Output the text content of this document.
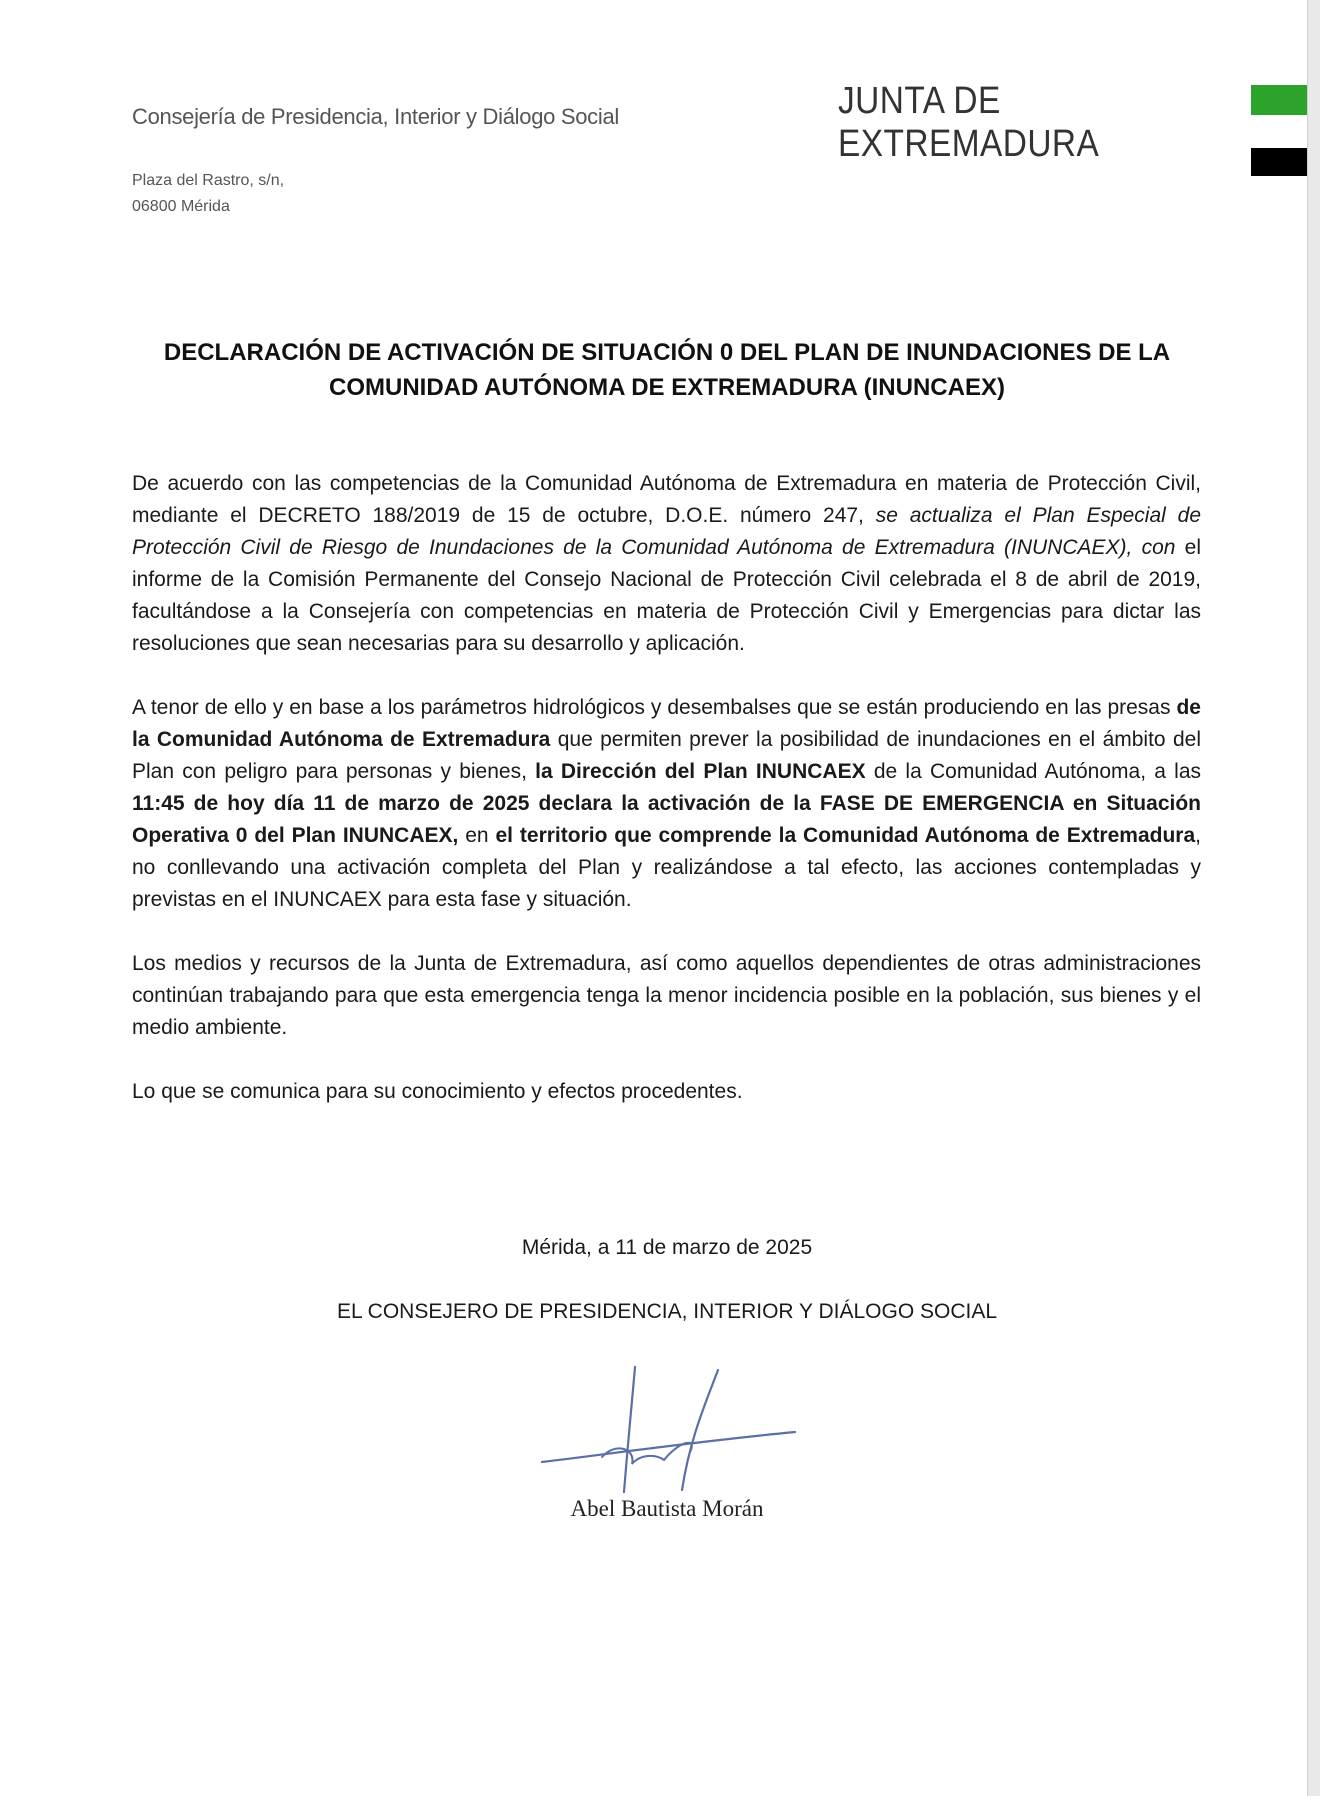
Consejería de Presidencia, Interior y Diálogo Social	JUNTA DE EXTREMADURA
Plaza del Rastro, s/n,
06800 Mérida
DECLARACIÓN DE ACTIVACIÓN DE SITUACIÓN 0 DEL PLAN DE INUNDACIONES DE LA
COMUNIDAD AUTÓNOMA DE EXTREMADURA (INUNCAEX)

De acuerdo con las competencias de la Comunidad Autónoma de Extremadura en materia de Protección Civil, mediante el DECRETO 188/2019 de 15 de octubre, D.O.E. número 247, se actualiza el Plan Especial de Protección Civil de Riesgo de Inundaciones de la Comunidad Autónoma de Extremadura (INUNCAEX), con el informe de la Comisión Permanente del Consejo Nacional de Protección Civil celebrada el 8 de abril de 2019, facultándose a la Consejería con competencias en materia de Protección Civil y Emergencias para dictar las resoluciones que sean necesarias para su desarrollo y aplicación.

A tenor de ello y en base a los parámetros hidrológicos y desembalses que se están produciendo en las presas de la Comunidad Autónoma de Extremadura que permiten prever la posibilidad de inundaciones en el ámbito del Plan con peligro para personas y bienes, la Dirección del Plan INUNCAEX de la Comunidad Autónoma, a las 11:45 de hoy día 11 de marzo de 2025 declara la activación de la FASE DE EMERGENCIA en Situación Operativa 0 del Plan INUNCAEX, en el territorio que comprende la Comunidad Autónoma de Extremadura, no conllevando una activación completa del Plan y realizándose a tal efecto, las acciones contempladas y previstas en el INUNCAEX para esta fase y situación.

Los medios y recursos de la Junta de Extremadura, así como aquellos dependientes de otras administraciones continúan trabajando para que esta emergencia tenga la menor incidencia posible en la población, sus bienes y el medio ambiente.

Lo que se comunica para su conocimiento y efectos procedentes.

Mérida, a 11 de marzo de 2025
EL CONSEJERO DE PRESIDENCIA, INTERIOR Y DIÁLOGO SOCIAL
Abel Bautista Morán
